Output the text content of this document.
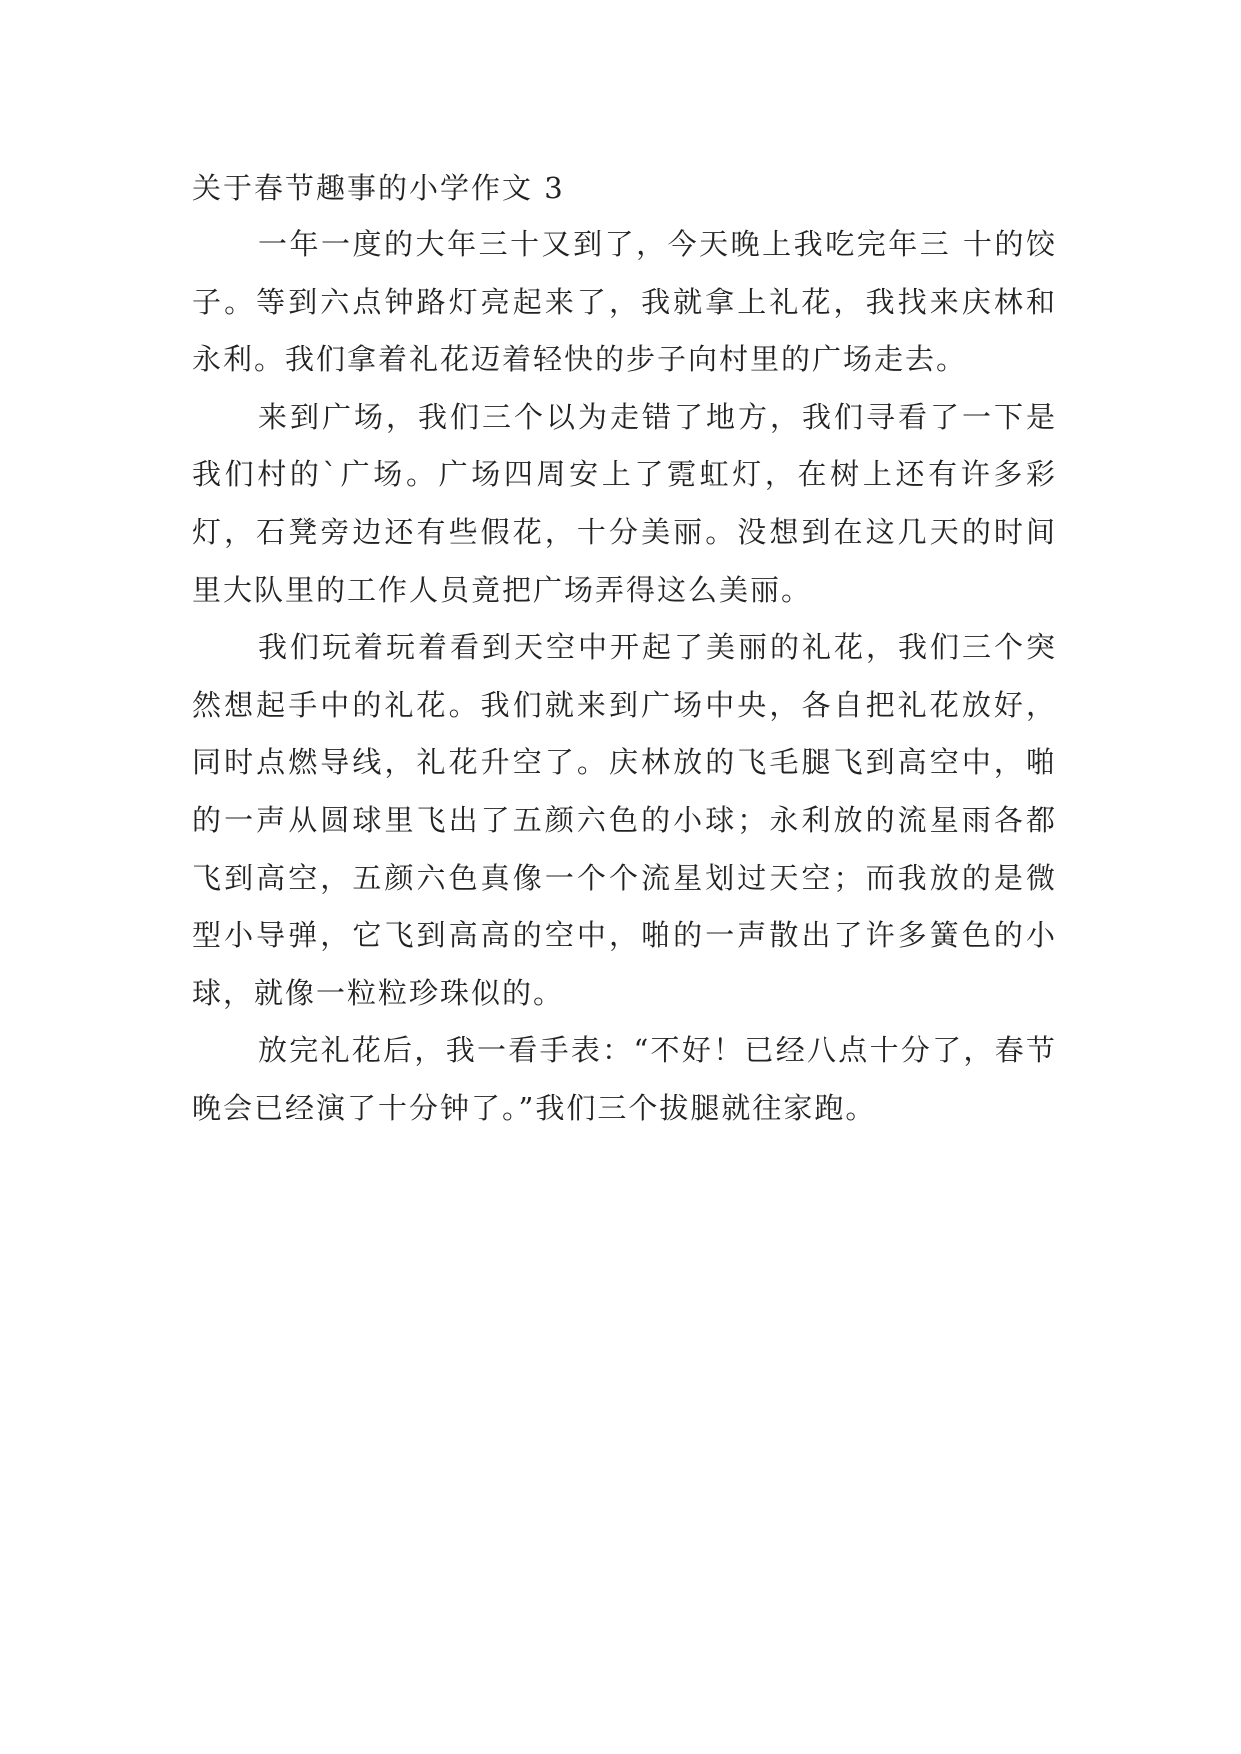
关于春节趣事的小学作文 3

一年一度的大年三十又到了，今天晚上我吃完年三 十的饺子。等到六点钟路灯亮起来了，我就拿上礼花，我找来庆林和永利。我们拿着礼花迈着轻快的步子向村里的广场走去。

来到广场，我们三个以为走错了地方，我们寻看了一下是我们村的`广场。广场四周安上了霓虹灯，在树上还有许多彩灯，石凳旁边还有些假花，十分美丽。没想到在这几天的时间里大队里的工作人员竟把广场弄得这么美丽。

我们玩着玩着看到天空中开起了美丽的礼花，我们三个突然想起手中的礼花。我们就来到广场中央，各自把礼花放好，同时点燃导线，礼花升空了。庆林放的飞毛腿飞到高空中，啪的一声从圆球里飞出了五颜六色的小球；永利放的流星雨各都飞到高空，五颜六色真像一个个流星划过天空；而我放的是微型小导弹，它飞到高高的空中，啪的一声散出了许多簧色的小球，就像一粒粒珍珠似的。

放完礼花后，我一看手表：“不好！已经八点十分了，春节晚会已经演了十分钟了。”我们三个拔腿就往家跑。
